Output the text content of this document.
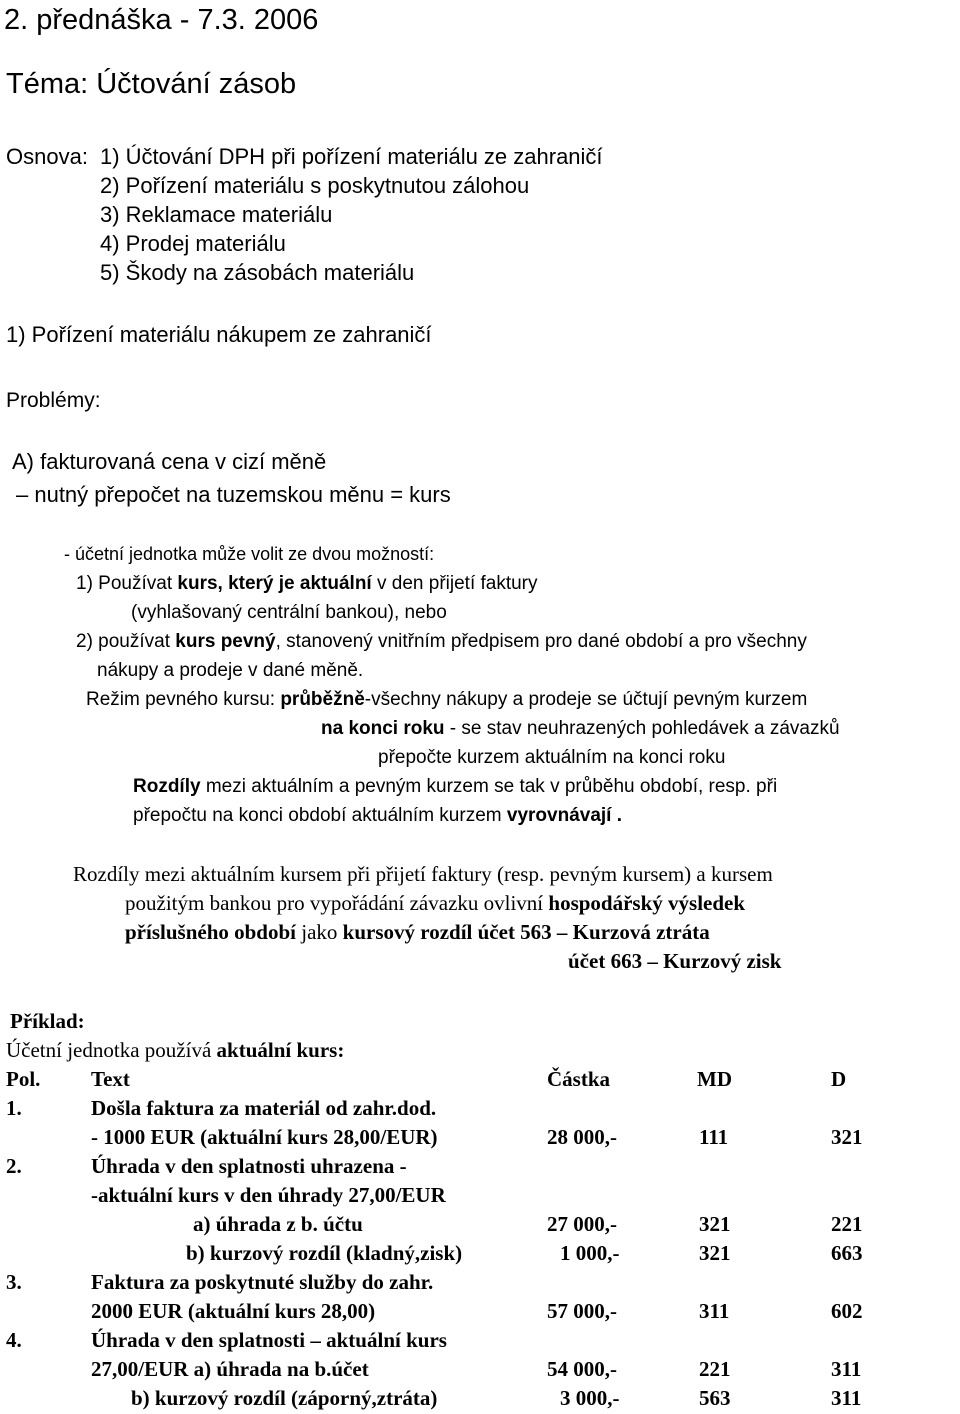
2. přednáška - 7.3. 2006
Téma: Účtování zásob
Osnova: 1) Účtování DPH při pořízení materiálu ze zahraničí
2) Pořízení materiálu s poskytnutou zálohou
3) Reklamace materiálu
4) Prodej materiálu
5) Škody na zásobách materiálu
1) Pořízení materiálu nákupem ze zahraničí
Problémy:
A) fakturovaná cena v cizí měně
– nutný přepočet na tuzemskou měnu = kurs
- účetní jednotka může volit ze dvou možností:
1) Používat kurs, který je aktuální v den přijetí faktury
(vyhlašovaný centrální bankou), nebo
2) používat kurs pevný, stanovený vnitřním předpisem pro dané období a pro všechny
nákupy a prodeje v dané měně.
Režim pevného kursu: průběžně-všechny nákupy a prodeje se účtují pevným kurzem
na konci roku - se stav neuhrazených pohledávek a závazků
přepočte kurzem aktuálním na konci roku
Rozdíly mezi aktuálním a pevným kurzem se tak v průběhu období, resp. při
přepočtu na konci období aktuálním kurzem vyrovnávají .
Rozdíly mezi aktuálním kursem při přijetí faktury (resp. pevným kursem) a kursem
použitým bankou pro vypořádání závazku ovlivní hospodářský výsledek
příslušného období jako kursový rozdíl účet 563 – Kurzová ztráta
účet 663 – Kurzový zisk
Příklad:
Účetní jednotka používá aktuální kurs:
Pol. Text	Částka	MD	D
1.	Došla faktura za materiál od zahr.dod.
- 1000 EUR (aktuální kurs 28,00/EUR)	28 000,-	111	321
2.	Úhrada v den splatnosti uhrazena -
-aktuální kurs v den úhrady 27,00/EUR
a) úhrada z b. účtu	27 000,-	321	221
b) kurzový rozdíl (kladný,zisk)	1 000,-	321	663
3.	Faktura za poskytnuté služby do zahr.
2000 EUR (aktuální kurs 28,00)	57 000,-	311	602
4.	Úhrada v den splatnosti – aktuální kurs
27,00/EUR a) úhrada na b.účet	54 000,-	221	311
b) kurzový rozdíl (záporný,ztráta)	3 000,-	563	311
